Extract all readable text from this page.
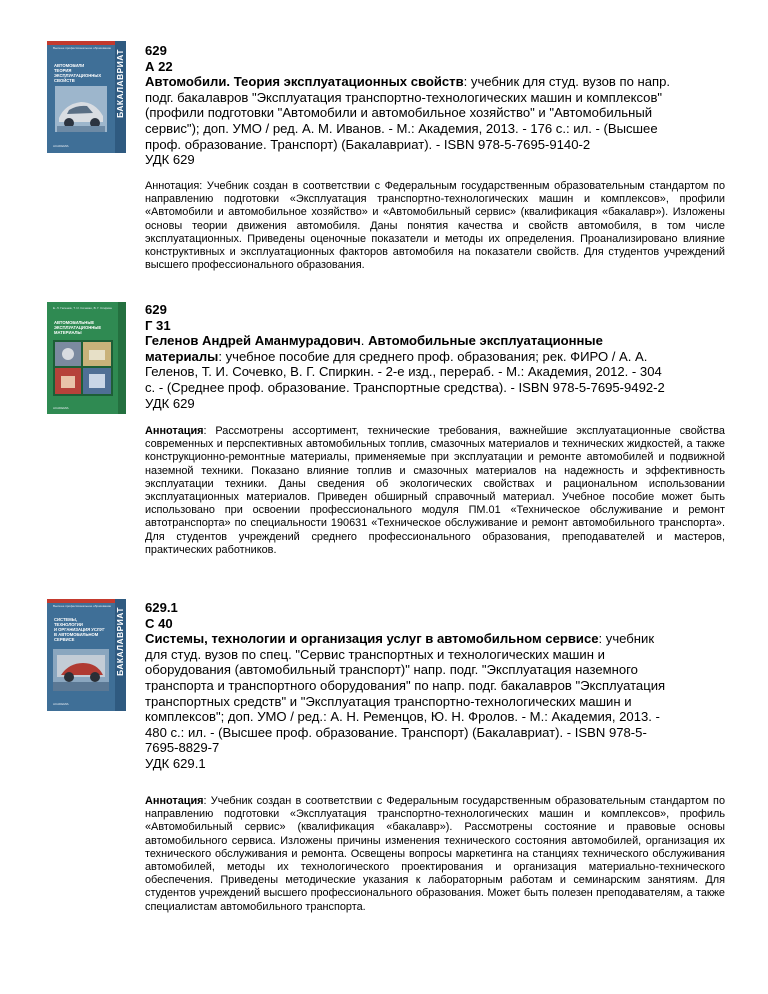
Высшее профессиональное образование
АВТОМОБИЛИ
ТЕОРИЯ
ЭКСПЛУАТАЦИОННЫХ
СВОЙСТВ	БАКАЛАВРИАТ
ACADEMIA
629
А 22
Автомобили. Теория эксплуатационных свойств: учебник для студ. вузов по напр.
подг. бакалавров "Эксплуатация транспортно-технологических машин и комплексов"
(профили подготовки "Автомобили и автомобильное хозяйство" и "Автомобильный
сервис"); доп. УМО / ред. А. М. Иванов. - М.: Академия, 2013. - 176 с.: ил. - (Высшее
проф. образование. Транспорт) (Бакалавриат). - ISBN 978-5-7695-9140-2
УДК 629
Аннотация: Учебник создан в соответствии с Федеральным государственным образовательным стандартом по направлению подготовки «Эксплуатация транспортно-технологических машин и комплексов», профили «Автомобили и автомобильное хозяйство» и «Автомобильный сервис» (квалификация «бакалавр»). Изложены основы теории движения автомобиля. Даны понятия качества и свойств автомобиля, в том числе эксплуатационных. Приведены оценочные показатели и методы их определения. Проанализировано влияние конструктивных и эксплуатационных факторов автомобиля на показатели свойств. Для студентов учреждений высшего профессионального образования.
Е. Л. Геленов, Т. И. Сочевко, В. Г. Спиркин
АВТОМОБИЛЬНЫЕ
ЭКСПЛУАТАЦИОННЫЕ
МАТЕРИАЛЫ
ACADEMIA
629
Г 31
Геленов Андрей Аманмурадович. Автомобильные эксплуатационные
материалы: учебное пособие для среднего проф. образования; рек. ФИРО / А. А.
Геленов, Т. И. Сочевко, В. Г. Спиркин. - 2-е изд., перераб. - М.: Академия, 2012. - 304
с. - (Среднее проф. образование. Транспортные средства). - ISBN 978-5-7695-9492-2
УДК 629
Аннотация: Рассмотрены ассортимент, технические требования, важнейшие эксплуатационные свойства современных и перспективных автомобильных топлив, смазочных материалов и технических жидкостей, а также конструкционно-ремонтные материалы, применяемые при эксплуатации и ремонте автомобилей и подвижной наземной техники. Показано влияние топлив и смазочных материалов на надежность и эффективность эксплуатации техники. Даны сведения об экологических свойствах и рациональном использовании эксплуатационных материалов. Приведен обширный справочный материал. Учебное пособие может быть использовано при освоении профессионального модуля ПМ.01 «Техническое обслуживание и ремонт автотранспорта» по специальности 190631 «Техническое обслуживание и ремонт автомобильного транспорта». Для студентов учреждений среднего профессионального образования, преподавателей и мастеров, практических работников.
Высшее профессиональное образование
СИСТЕМЫ,
ТЕХНОЛОГИИ
И ОРГАНИЗАЦИЯ УСЛУГ
В АВТОМОБИЛЬНОМ
СЕРВИСЕ	БАКАЛАВРИАТ
ACADEMIA
629.1
С 40
Системы, технологии и организация услуг в автомобильном сервисе: учебник
для студ. вузов по спец. "Сервис транспортных и технологических машин и
оборудования (автомобильный транспорт)" напр. подг. "Эксплуатация наземного
транспорта и транспортного оборудования" по напр. подг. бакалавров "Эксплуатация
транспортных средств" и "Эксплуатация транспортно-технологических машин и
комплексов"; доп. УМО / ред.: А. Н. Ременцов, Ю. Н. Фролов. - М.: Академия, 2013. -
480 с.: ил. - (Высшее проф. образование. Транспорт) (Бакалавриат). - ISBN 978-5-
7695-8829-7
УДК 629.1
Аннотация: Учебник создан в соответствии с Федеральным государственным образовательным стандартом по направлению подготовки «Эксплуатация транспортно-технологических машин и комплексов», профиль «Автомобильный сервис» (квалификация «бакалавр»). Рассмотрены состояние и правовые основы автомобильного сервиса. Изложены причины изменения технического состояния автомобилей, организация их технического обслуживания и ремонта. Освещены вопросы маркетинга на станциях технического обслуживания автомобилей, методы их технологического проектирования и организация материально-технического обеспечения. Приведены методические указания к лабораторным работам и семинарским занятиям. Для студентов учреждений высшего профессионального образования. Может быть полезен преподавателям, а также специалистам автомобильного транспорта.
